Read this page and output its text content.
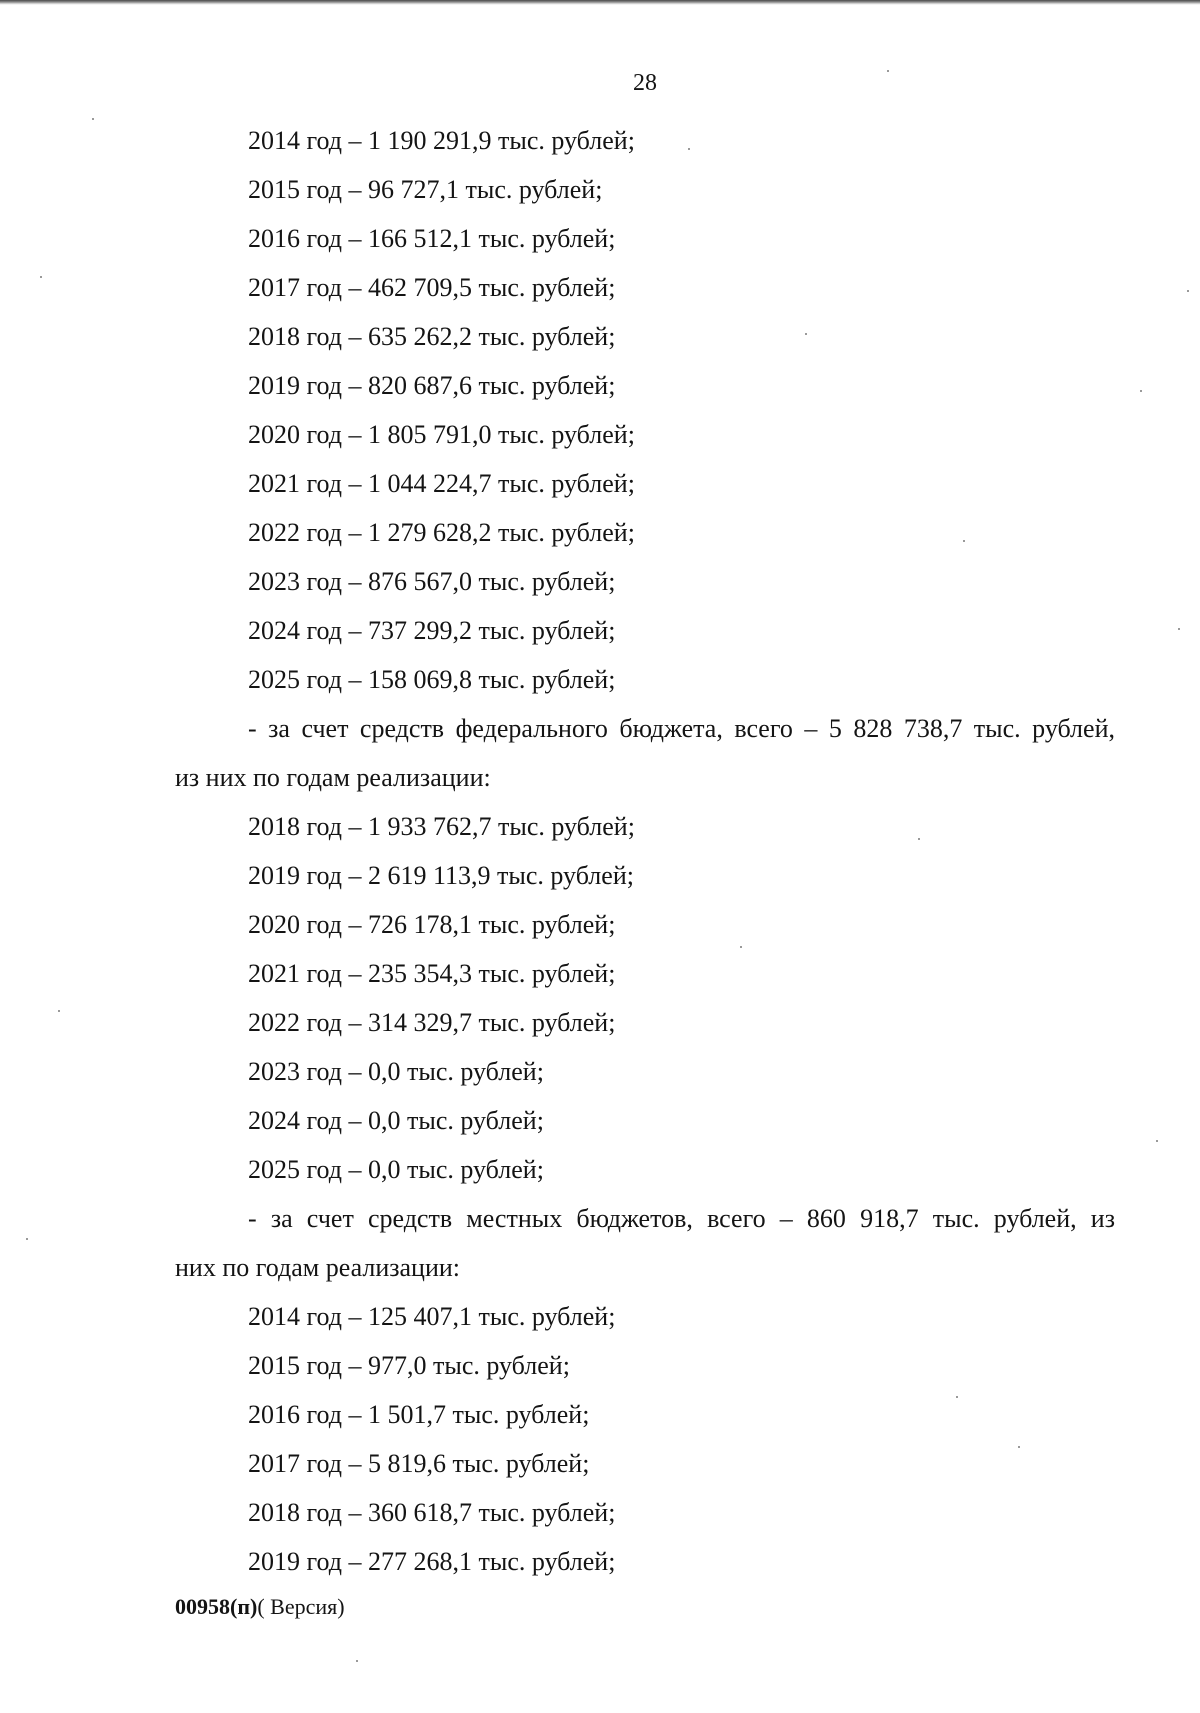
28

2014 год – 1 190 291,9 тыс. рублей;

2015 год – 96 727,1 тыс. рублей;

2016 год – 166 512,1 тыс. рублей;

2017 год – 462 709,5 тыс. рублей;

2018 год – 635 262,2 тыс. рублей;

2019 год – 820 687,6 тыс. рублей;

2020 год – 1 805 791,0 тыс. рублей;

2021 год – 1 044 224,7 тыс. рублей;

2022 год – 1 279 628,2 тыс. рублей;

2023 год – 876 567,0 тыс. рублей;

2024 год – 737 299,2 тыс. рублей;

2025 год – 158 069,8 тыс. рублей;

- за счет средств федерального бюджета, всего – 5 828 738,7 тыс. рублей,

из них по годам реализации:

2018 год – 1 933 762,7 тыс. рублей;

2019 год – 2 619 113,9 тыс. рублей;

2020 год – 726 178,1 тыс. рублей;

2021 год – 235 354,3 тыс. рублей;

2022 год – 314 329,7 тыс. рублей;

2023 год – 0,0 тыс. рублей;

2024 год – 0,0 тыс. рублей;

2025 год – 0,0 тыс. рублей;

- за счет средств местных бюджетов, всего – 860 918,7 тыс. рублей, из

них по годам реализации:

2014 год – 125 407,1 тыс. рублей;

2015 год – 977,0 тыс. рублей;

2016 год – 1 501,7 тыс. рублей;

2017 год – 5 819,6 тыс. рублей;

2018 год – 360 618,7 тыс. рублей;

2019 год – 277 268,1 тыс. рублей;

00958(п)( Версия)
